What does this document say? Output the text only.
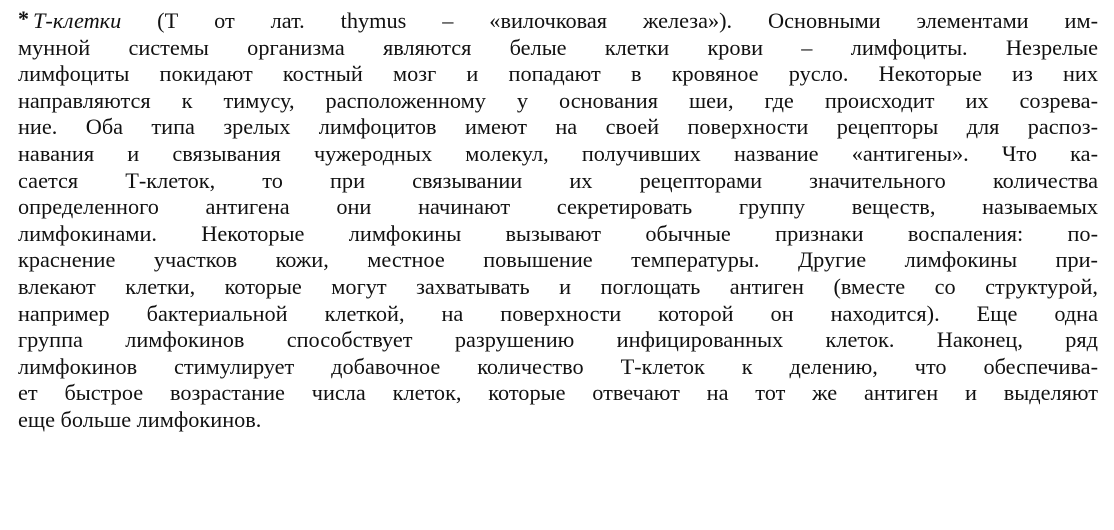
* Т-клетки (Т от лат. thymus – «вилочковая железа»). Основными элементами им-
мунной системы организма являются белые клетки крови – лимфоциты. Незрелые
лимфоциты покидают костный мозг и попадают в кровяное русло. Некоторые из них
направляются к тимусу, расположенному у основания шеи, где происходит их созрева-
ние. Оба типа зрелых лимфоцитов имеют на своей поверхности рецепторы для распоз-
навания и связывания чужеродных молекул, получивших название «антигены». Что ка-
сается Т-клеток, то при связывании их рецепторами значительного количества
определенного антигена они начинают секретировать группу веществ, называемых
лимфокинами. Некоторые лимфокины вызывают обычные признаки воспаления: по-
краснение участков кожи, местное повышение температуры. Другие лимфокины при-
влекают клетки, которые могут захватывать и поглощать антиген (вместе со структурой,
например бактериальной клеткой, на поверхности которой он находится). Еще одна
группа лимфокинов способствует разрушению инфицированных клеток. Наконец, ряд
лимфокинов стимулирует добавочное количество Т-клеток к делению, что обеспечива-
ет быстрое возрастание числа клеток, которые отвечают на тот же антиген и выделяют
еще больше лимфокинов.
